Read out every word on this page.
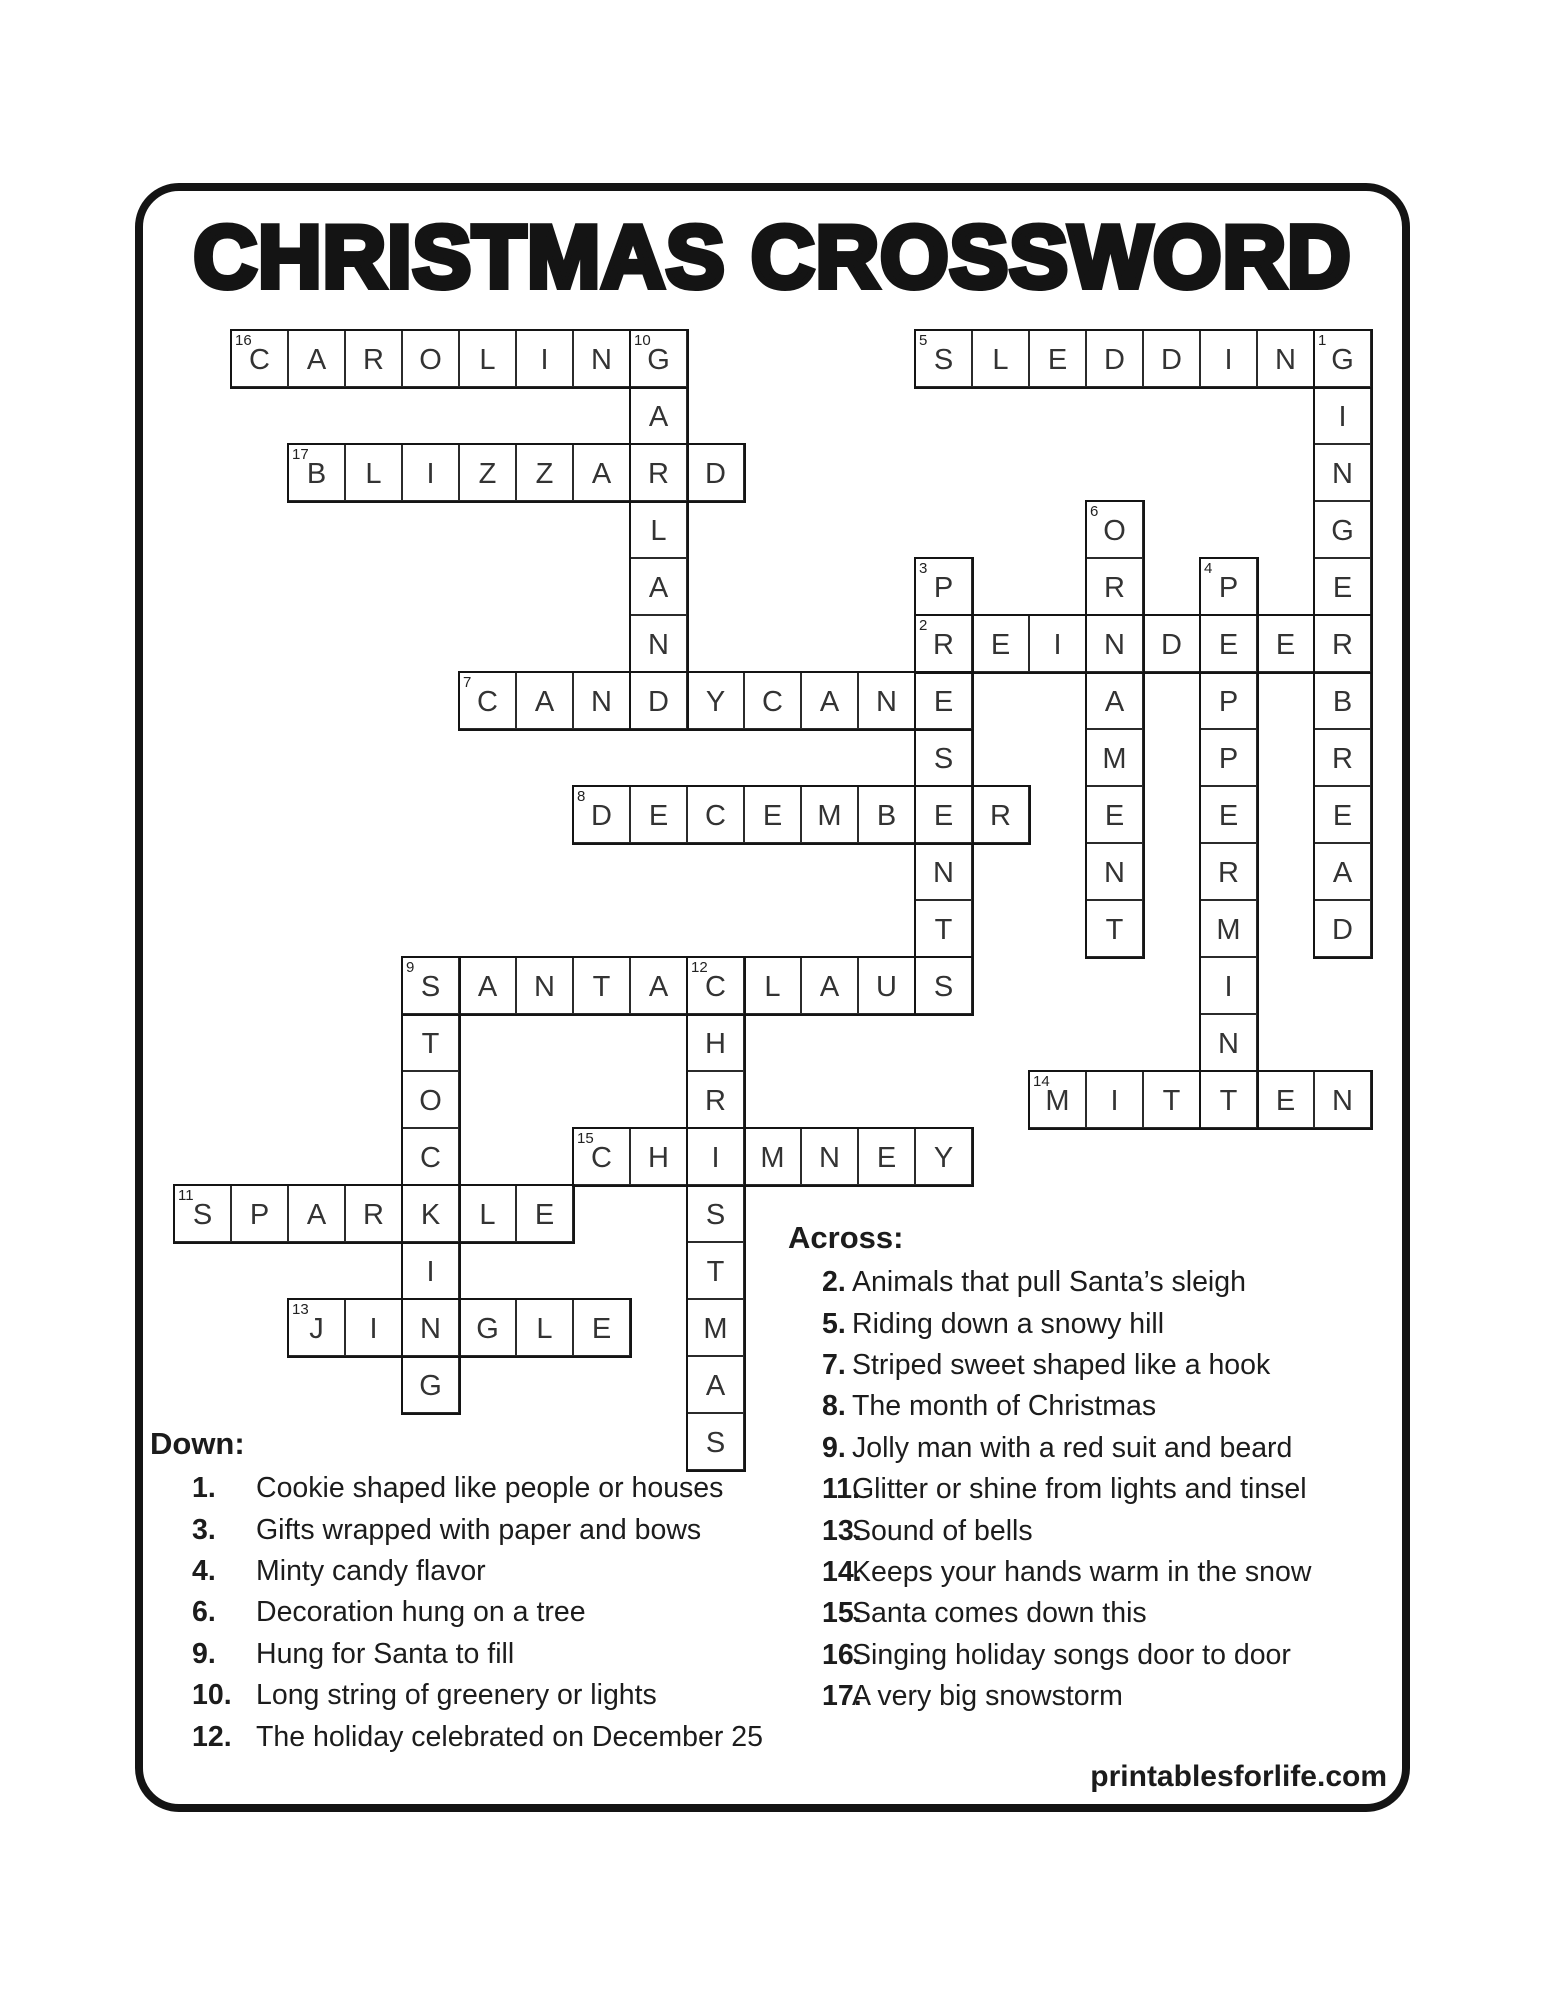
CHRISTMAS CROSSWORD
16
C A R O L I N
10
G
5
S L E D D I N
1
G
A
R
L
A
N
D
I
N
G
E
R
B
R
E
A
D
17
B L I Z Z A	D
6
O
R
N
A
M
E
N
T
3
P
2
R
E
S
E
N
T
S
4
P
E
P
P
E
R
M
I
N
T
E I	D	E
7
C A N	Y C A N
8
D E C E M B	R
9
S A N T A
12
C L A U
T
O
C
K
I
N
G
H
R
I
S
T
M
A
S
14
M I T	E N
15
C H	M N E Y
11
S P A R	L E
13
J I	G L E
Across:
2. Animals that pull Santa’s sleigh
5. Riding down a snowy hill
7. Striped sweet shaped like a hook
8. The month of Christmas
9. Jolly man with a red suit and beard
11.
Glitter or shine from lights and tinsel
13.
Sound of bells
14.
Keeps your hands warm in the snow
15.
Santa comes down this
16.
Singing holiday songs door to door
17.
A very big snowstorm
Down:
1.	Cookie shaped like people or houses
3.	Gifts wrapped with paper and bows
4.	Minty candy flavor
6.	Decoration hung on a tree
9.	Hung for Santa to fill
10. Long string of greenery or lights
12. The holiday celebrated on December 25
printablesforlife.com
